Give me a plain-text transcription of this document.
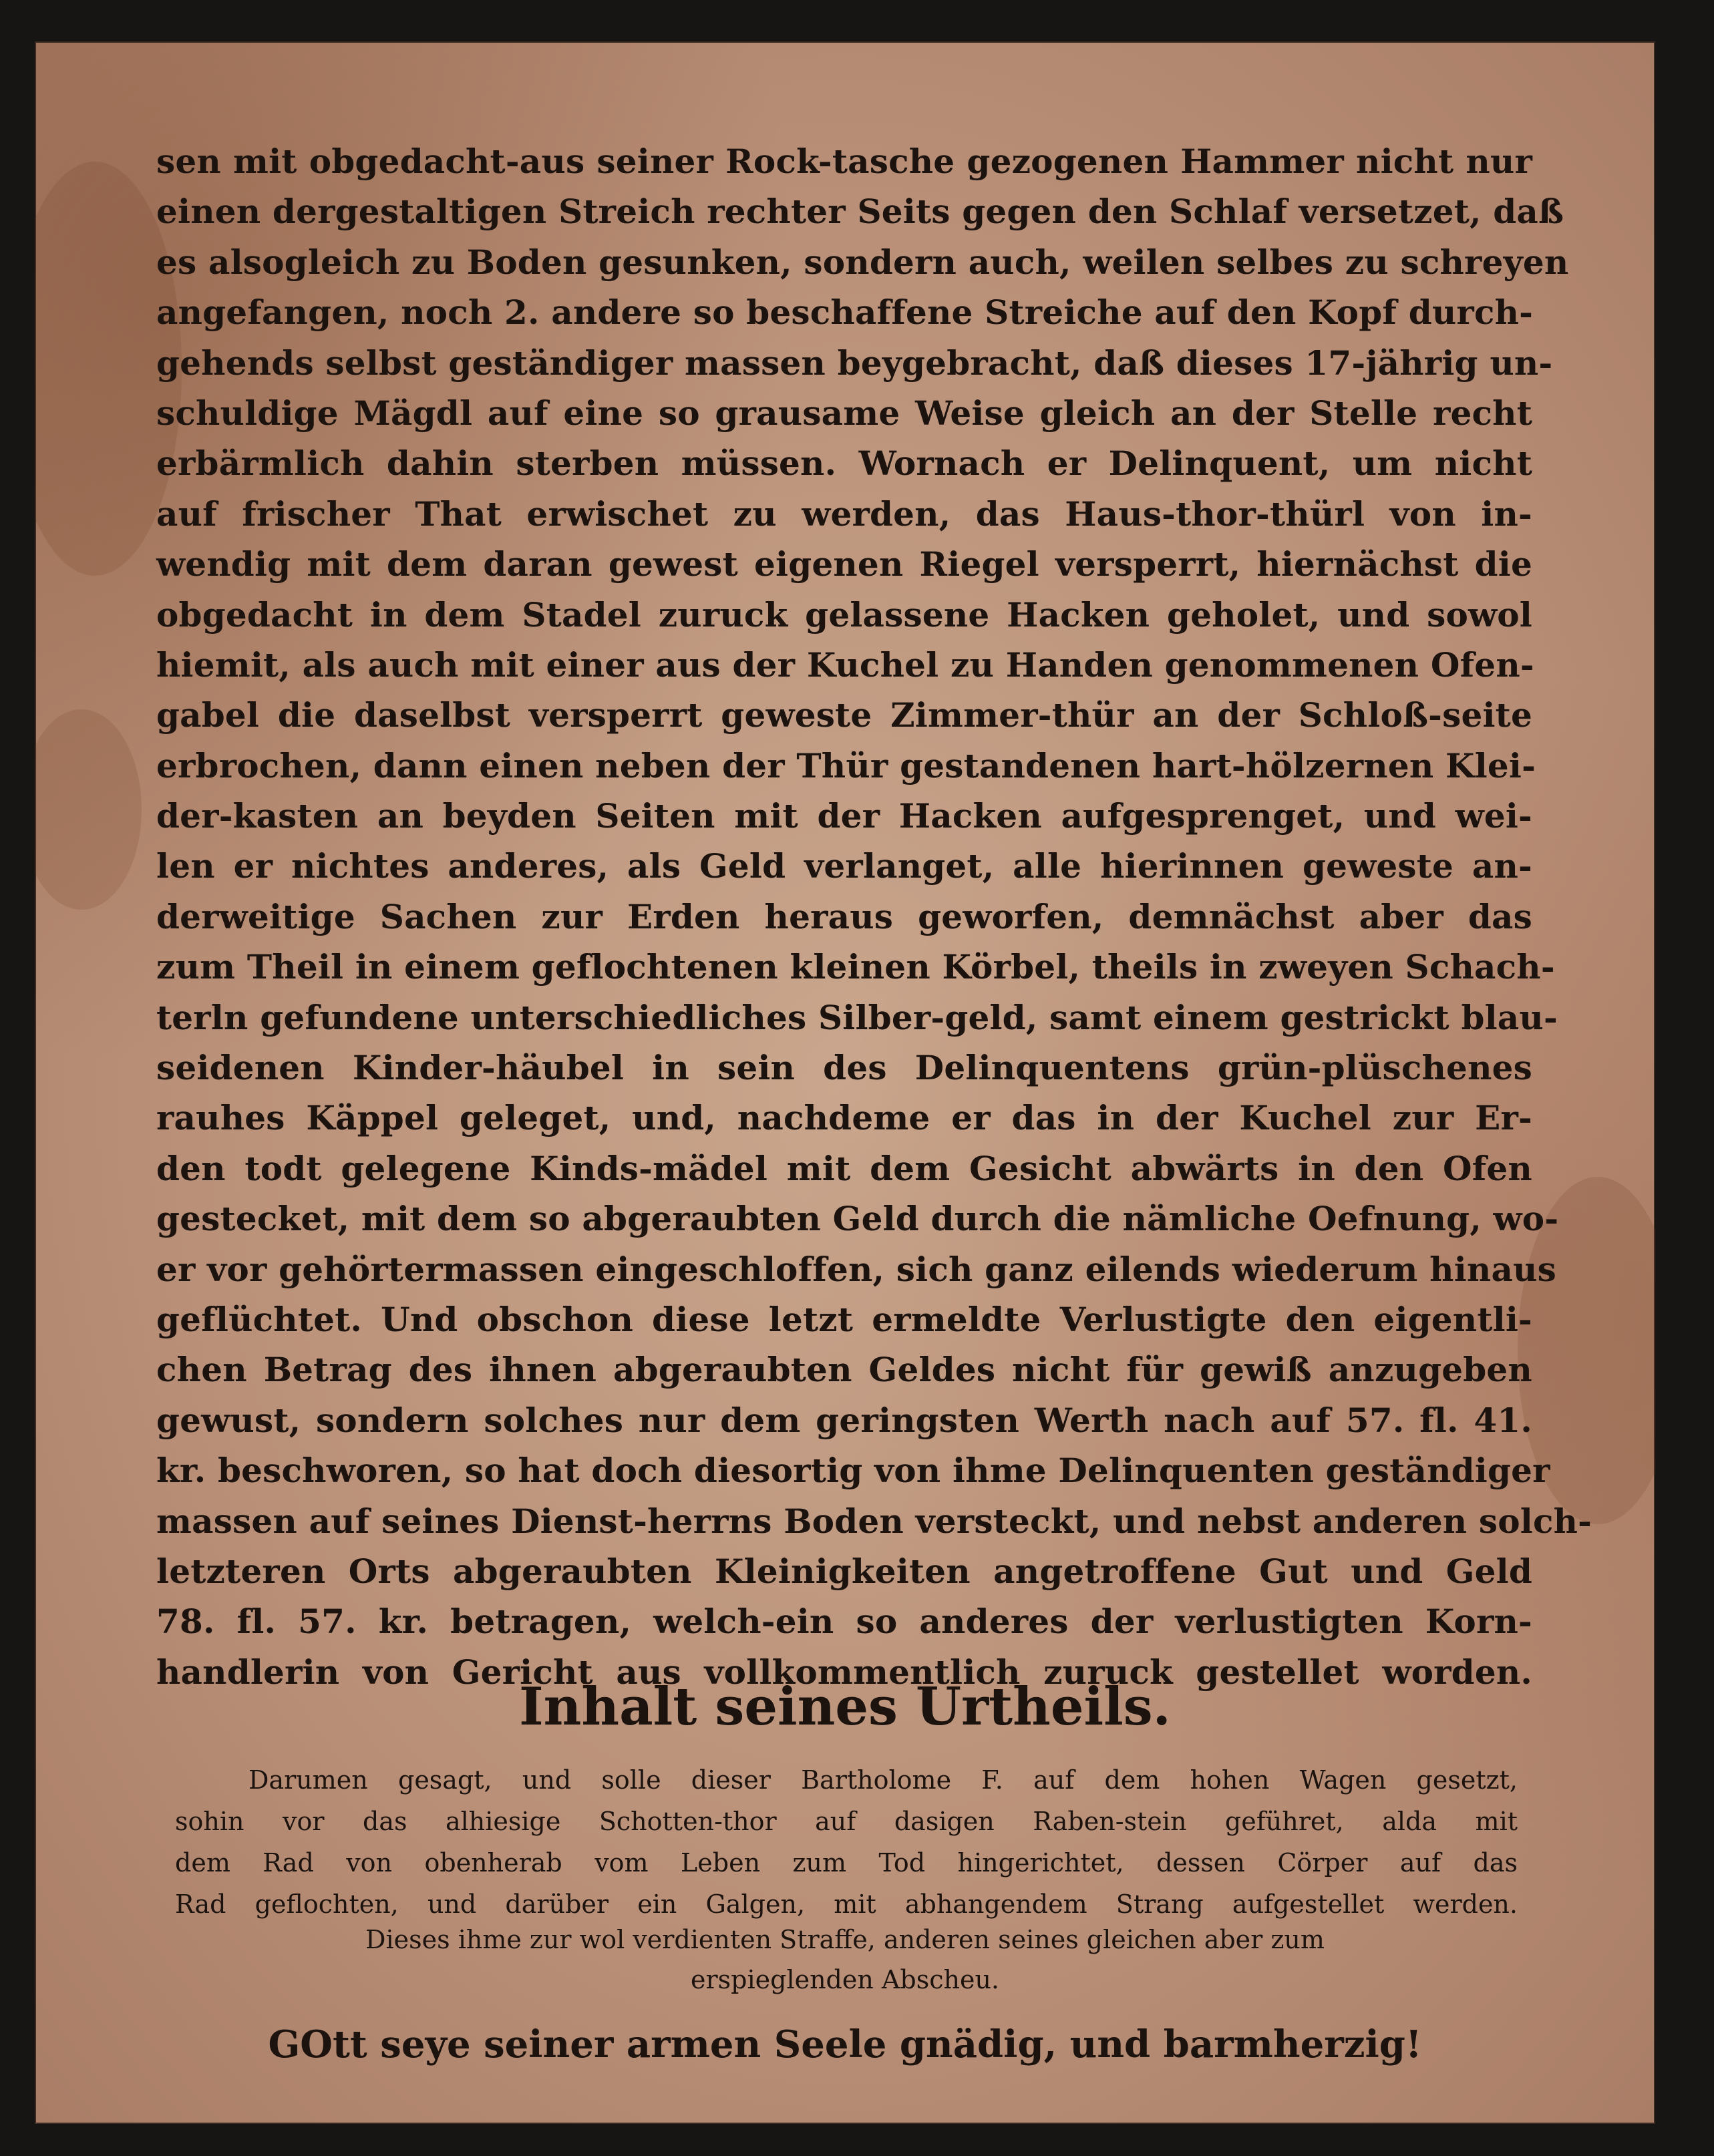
sen mit obgedacht-aus seiner Rock-tasche gezogenen Hammer nicht nur
einen dergestaltigen Streich rechter Seits gegen den Schlaf versetzet, daß
es alsogleich zu Boden gesunken, sondern auch, weilen selbes zu schreyen
angefangen, noch 2. andere so beschaffene Streiche auf den Kopf durch-
gehends selbst geständiger massen beygebracht, daß dieses 17-jährig un-
schuldige Mägdl auf eine so grausame Weise gleich an der Stelle recht
erbärmlich dahin sterben müssen. Wornach er Delinquent, um nicht
auf frischer That erwischet zu werden, das Haus-thor-thürl von in-
wendig mit dem daran gewest eigenen Riegel versperrt, hiernächst die
obgedacht in dem Stadel zuruck gelassene Hacken geholet, und sowol
hiemit, als auch mit einer aus der Kuchel zu Handen genommenen Ofen-
gabel die daselbst versperrt geweste Zimmer-thür an der Schloß-seite
erbrochen, dann einen neben der Thür gestandenen hart-hölzernen Klei-
der-kasten an beyden Seiten mit der Hacken aufgesprenget, und wei-
len er nichtes anderes, als Geld verlanget, alle hierinnen geweste an-
derweitige Sachen zur Erden heraus geworfen, demnächst aber das
zum Theil in einem geflochtenen kleinen Körbel, theils in zweyen Schach-
terln gefundene unterschiedliches Silber-geld, samt einem gestrickt blau-
seidenen Kinder-häubel in sein des Delinquentens grün-plüschenes
rauhes Käppel geleget, und, nachdeme er das in der Kuchel zur Er-
den todt gelegene Kinds-mädel mit dem Gesicht abwärts in den Ofen
gestecket, mit dem so abgeraubten Geld durch die nämliche Oefnung, wo-
er vor gehörtermassen eingeschloffen, sich ganz eilends wiederum hinaus
geflüchtet. Und obschon diese letzt ermeldte Verlustigte den eigentli-
chen Betrag des ihnen abgeraubten Geldes nicht für gewiß anzugeben
gewust, sondern solches nur dem geringsten Werth nach auf 57. fl. 41.
kr. beschworen, so hat doch diesortig von ihme Delinquenten geständiger
massen auf seines Dienst-herrns Boden versteckt, und nebst anderen solch-
letzteren Orts abgeraubten Kleinigkeiten angetroffene Gut und Geld
78. fl. 57. kr. betragen, welch-ein so anderes der verlustigten Korn-
handlerin von Gericht aus vollkommentlich zuruck gestellet worden.
Inhalt seines Urtheils.
Darumen gesagt, und solle dieser Bartholome F. auf dem hohen Wagen gesetzt,
sohin vor das alhiesige Schotten-thor auf dasigen Raben-stein geführet, alda mit
dem Rad von obenherab vom Leben zum Tod hingerichtet, dessen Cörper auf das
Rad geflochten, und darüber ein Galgen, mit abhangendem Strang aufgestellet werden.
Dieses ihme zur wol verdienten Straffe, anderen seines gleichen aber zum
erspieglenden Abscheu.
GOtt seye seiner armen Seele gnädig, und barmherzig!
